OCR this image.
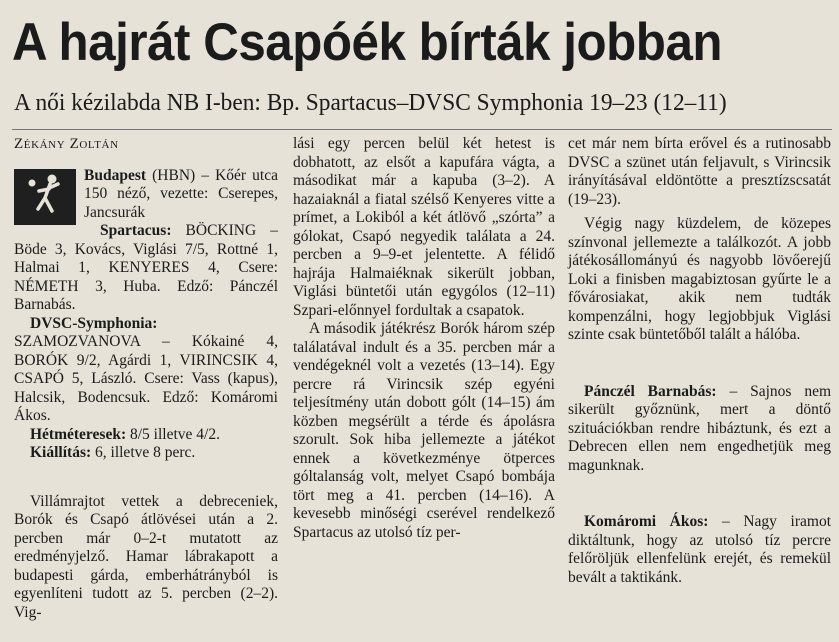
A hajrát Csapóék bírták jobban
A női kézilabda NB I-ben: Bp. Spartacus–DVSC Symphonia 19–23 (12–11)

Zékány Zoltán

Budapest (HBN) – Kőér utca 150 néző, vezette: Cserepes, Jancsurák

Spartacus: BÖCKING – Böde 3, Kovács, Viglási 7/5, Rottné 1, Halmai 1, KENYERES 4, Csere: NÉMETH 3, Huba. Edző: Pánczél Barnabás.

DVSC-Symphonia: SZAMOZVANOVA – Kókainé 4, BORÓK 9/2, Agárdi 1, VIRINCSIK 4, CSAPÓ 5, László. Csere: Vass (kapus), Halcsik, Bodencsuk. Edző: Komáromi Ákos.

Hétméteresek: 8/5 illetve 4/2.

Kiállítás: 6, illetve 8 perc.

Villámrajtot vettek a debreceniek, Borók és Csapó átlövései után a 2. percben már 0–2-t mutatott az eredményjelző. Hamar lábrakapott a budapesti gárda, emberhátrányból is egyenlíteni tudott az 5. percben (2–2). Vig-

lási egy percen belül két hetest is dobhatott, az elsőt a kapufára vágta, a másodikat már a kapuba (3–2). A hazaiaknál a fiatal szélső Kenyeres vitte a prímet, a Lokiból a két átlövő „szórta” a gólokat, Csapó negyedik találata a 24. percben a 9–9-et jelentette. A félidő hajrája Halmaiéknak sikerült jobban, Viglási büntetői után egygólos (12–11) Szpari-előnnyel fordultak a csapatok.

A második játékrész Borók három szép találatával indult és a 35. percben már a vendégeknél volt a vezetés (13–14). Egy percre rá Virincsik szép egyéni teljesítmény után dobott gólt (14–15) ám közben megsérült a térde és ápolásra szorult. Sok hiba jellemezte a játékot ennek a következménye ötperces góltalanság volt, melyet Csapó bombája tört meg a 41. percben (14–16). A kevesebb minőségi cserével rendelkező Spartacus az utolsó tíz per-

cet már nem bírta erővel és a rutinosabb DVSC a szünet után feljavult, s Virincsik irányításával eldöntötte a presztízscsatát (19–23).

Végig nagy küzdelem, de közepes színvonal jellemezte a találkozót. A jobb játékosállományú és nagyobb lövőerejű Loki a finisben magabiztosan gyűrte le a fővárosiakat, akik nem tudták kompenzálni, hogy legjobbjuk Viglási szinte csak büntetőből talált a hálóba.

Pánczél Barnabás: – Sajnos nem sikerült győznünk, mert a döntő szituációkban rendre hibáztunk, és ezt a Debrecen ellen nem engedhetjük meg magunknak.

Komáromi Ákos: – Nagy iramot diktáltunk, hogy az utolsó tíz percre felőröljük ellenfelünk erejét, és remekül bevált a taktikánk.
